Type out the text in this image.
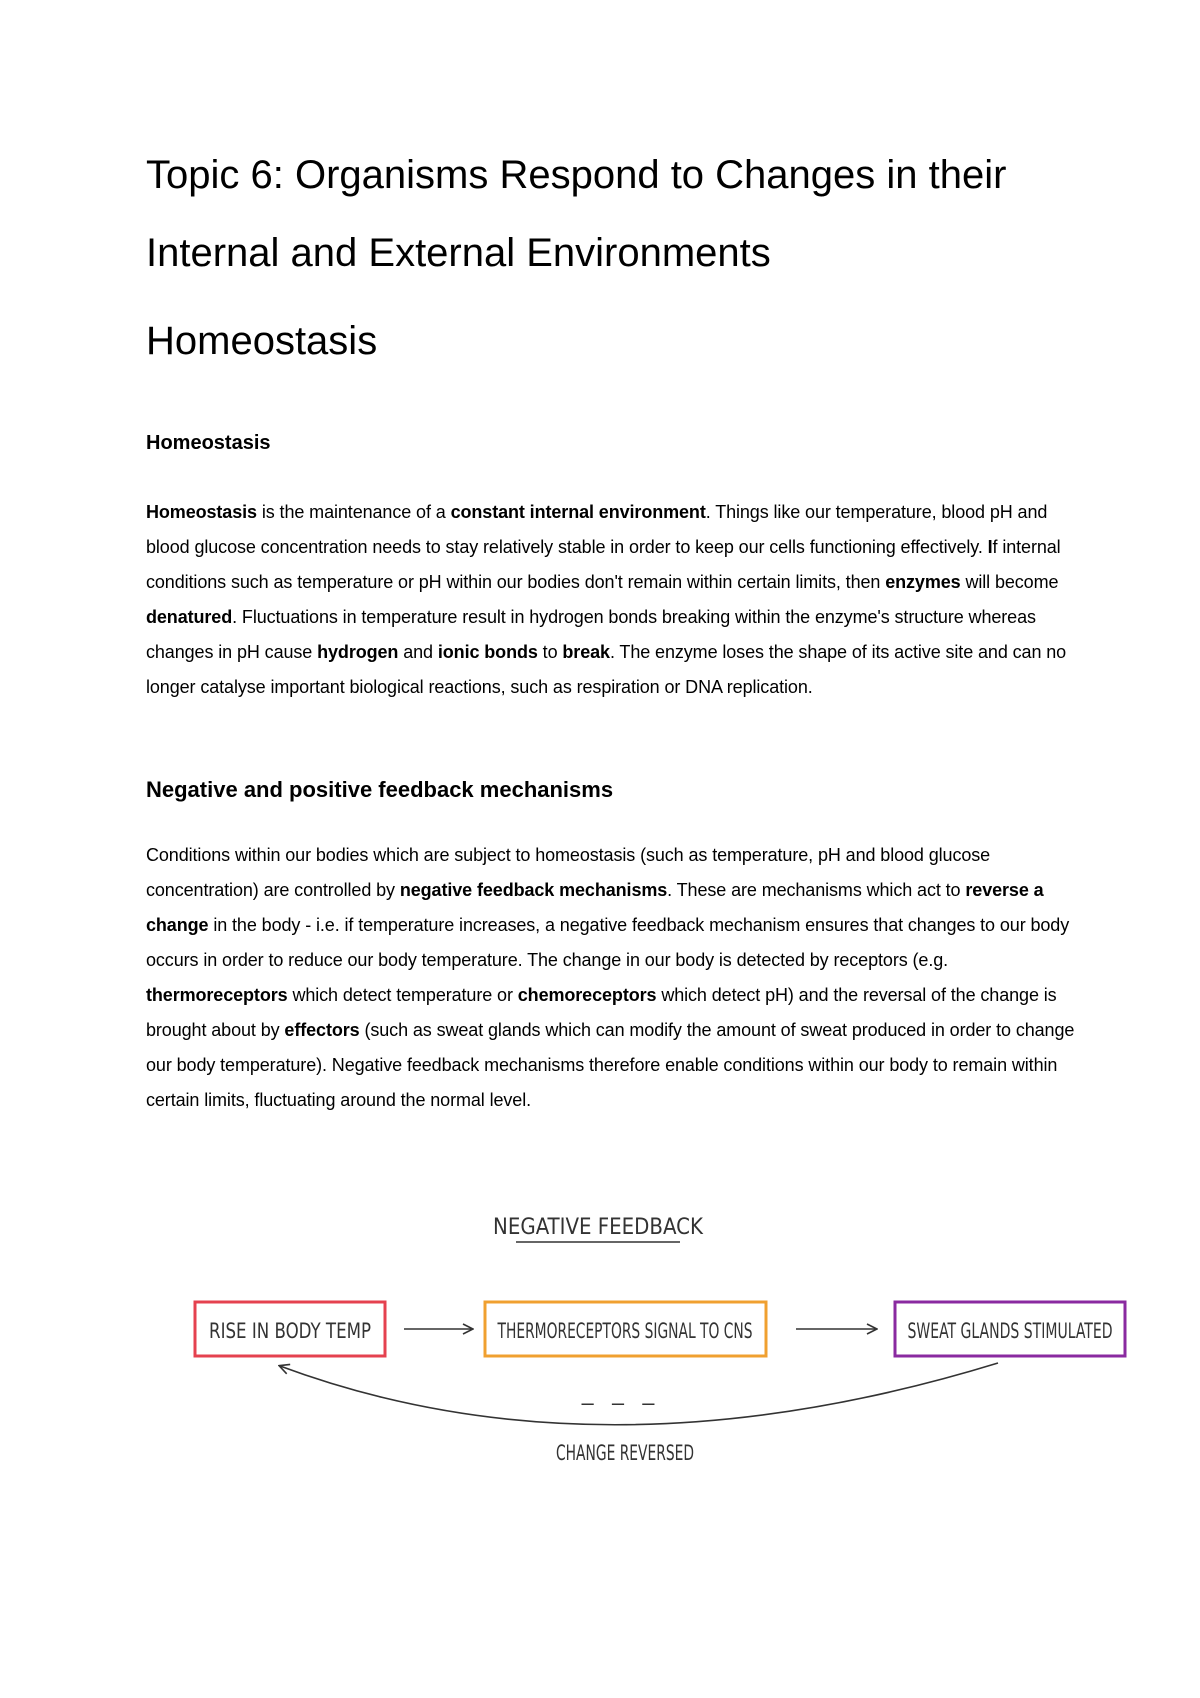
Topic 6: Organisms Respond to Changes in their Internal and External Environments
Homeostasis
Homeostasis

Homeostasis is the maintenance of a constant internal environment. Things like our temperature, blood pH and blood glucose concentration needs to stay relatively stable in order to keep our cells functioning effectively. If internal conditions such as temperature or pH within our bodies don't remain within certain limits, then enzymes will become denatured. Fluctuations in temperature result in hydrogen bonds breaking within the enzyme's structure whereas changes in pH cause hydrogen and ionic bonds to break. The enzyme loses the shape of its active site and can no longer catalyse important biological reactions, such as respiration or DNA replication.

Negative and positive feedback mechanisms

Conditions within our bodies which are subject to homeostasis (such as temperature, pH and blood glucose concentration) are controlled by negative feedback mechanisms. These are mechanisms which act to reverse a change in the body - i.e. if temperature increases, a negative feedback mechanism ensures that changes to our body occurs in order to reduce our body temperature. The change in our body is detected by receptors (e.g. thermoreceptors which detect temperature or chemoreceptors which detect pH) and the reversal of the change is brought about by effectors (such as sweat glands which can modify the amount of sweat produced in order to change our body temperature). Negative feedback mechanisms therefore enable conditions within our body to remain within certain limits, fluctuating around the normal level.

NEGATIVE FEEDBACK
RISE IN BODY TEMP	THERMORECEPTORS SIGNAL TO CNS	SWEAT GLANDS STIMULATED
– – –
CHANGE REVERSED
